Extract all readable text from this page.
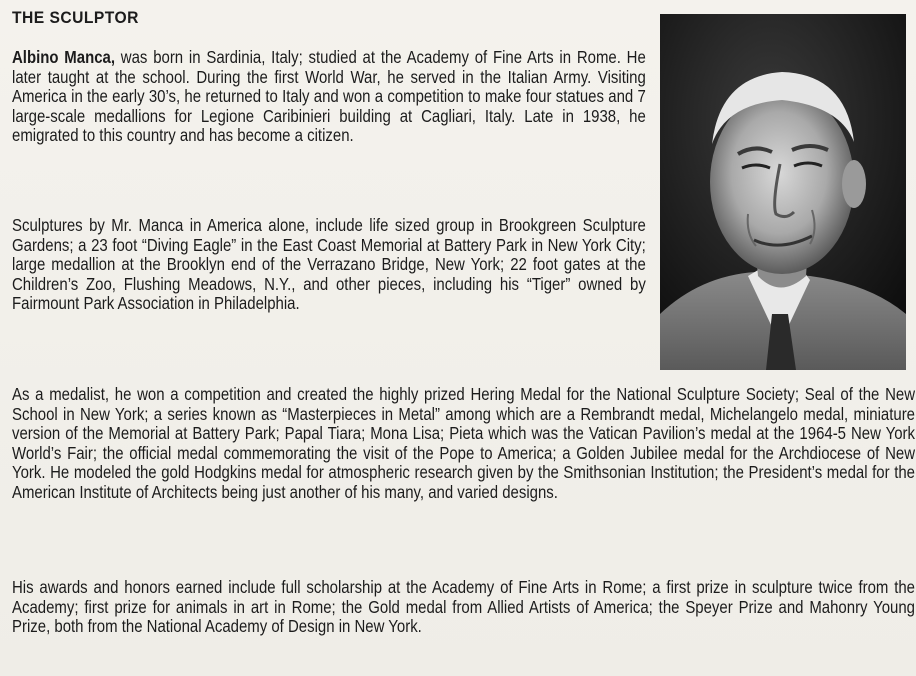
THE SCULPTOR

Albino Manca, was born in Sardinia, Italy; studied at the Academy of Fine Arts in Rome. He later taught at the school. During the first World War, he served in the Italian Army. Visiting America in the early 30’s, he returned to Italy and won a competition to make four statues and 7 large-scale medallions for Legione Caribinieri building at Cagliari, Italy. Late in 1938, he emigrated to this country and has become a citizen.

Sculptures by Mr. Manca in America alone, include life sized group in Brookgreen Sculpture Gardens; a 23 foot “Diving Eagle” in the East Coast Memorial at Battery Park in New York City; large medallion at the Brooklyn end of the Verrazano Bridge, New York; 22 foot gates at the Children’s Zoo, Flushing Meadows, N.Y., and other pieces, including his “Tiger” owned by Fairmount Park Association in Philadelphia.

As a medalist, he won a competition and created the highly prized Hering Medal for the National Sculpture Society; Seal of the New School in New York; a series known as “Masterpieces in Metal” among which are a Rembrandt medal, Michelangelo medal, miniature version of the Memorial at Battery Park; Papal Tiara; Mona Lisa; Pieta which was the Vatican Pavilion’s medal at the 1964-5 New York World’s Fair; the official medal commemorating the visit of the Pope to America; a Golden Jubilee medal for the Archdiocese of New York. He modeled the gold Hodgkins medal for atmospheric research given by the Smithsonian Institution; the President’s medal for the American Institute of Architects being just another of his many, and varied designs.

His awards and honors earned include full scholarship at the Academy of Fine Arts in Rome; a first prize in sculpture twice from the Academy; first prize for animals in art in Rome; the Gold medal from Allied Artists of America; the Speyer Prize and Mahonry Young Prize, both from the National Academy of Design in New York.
